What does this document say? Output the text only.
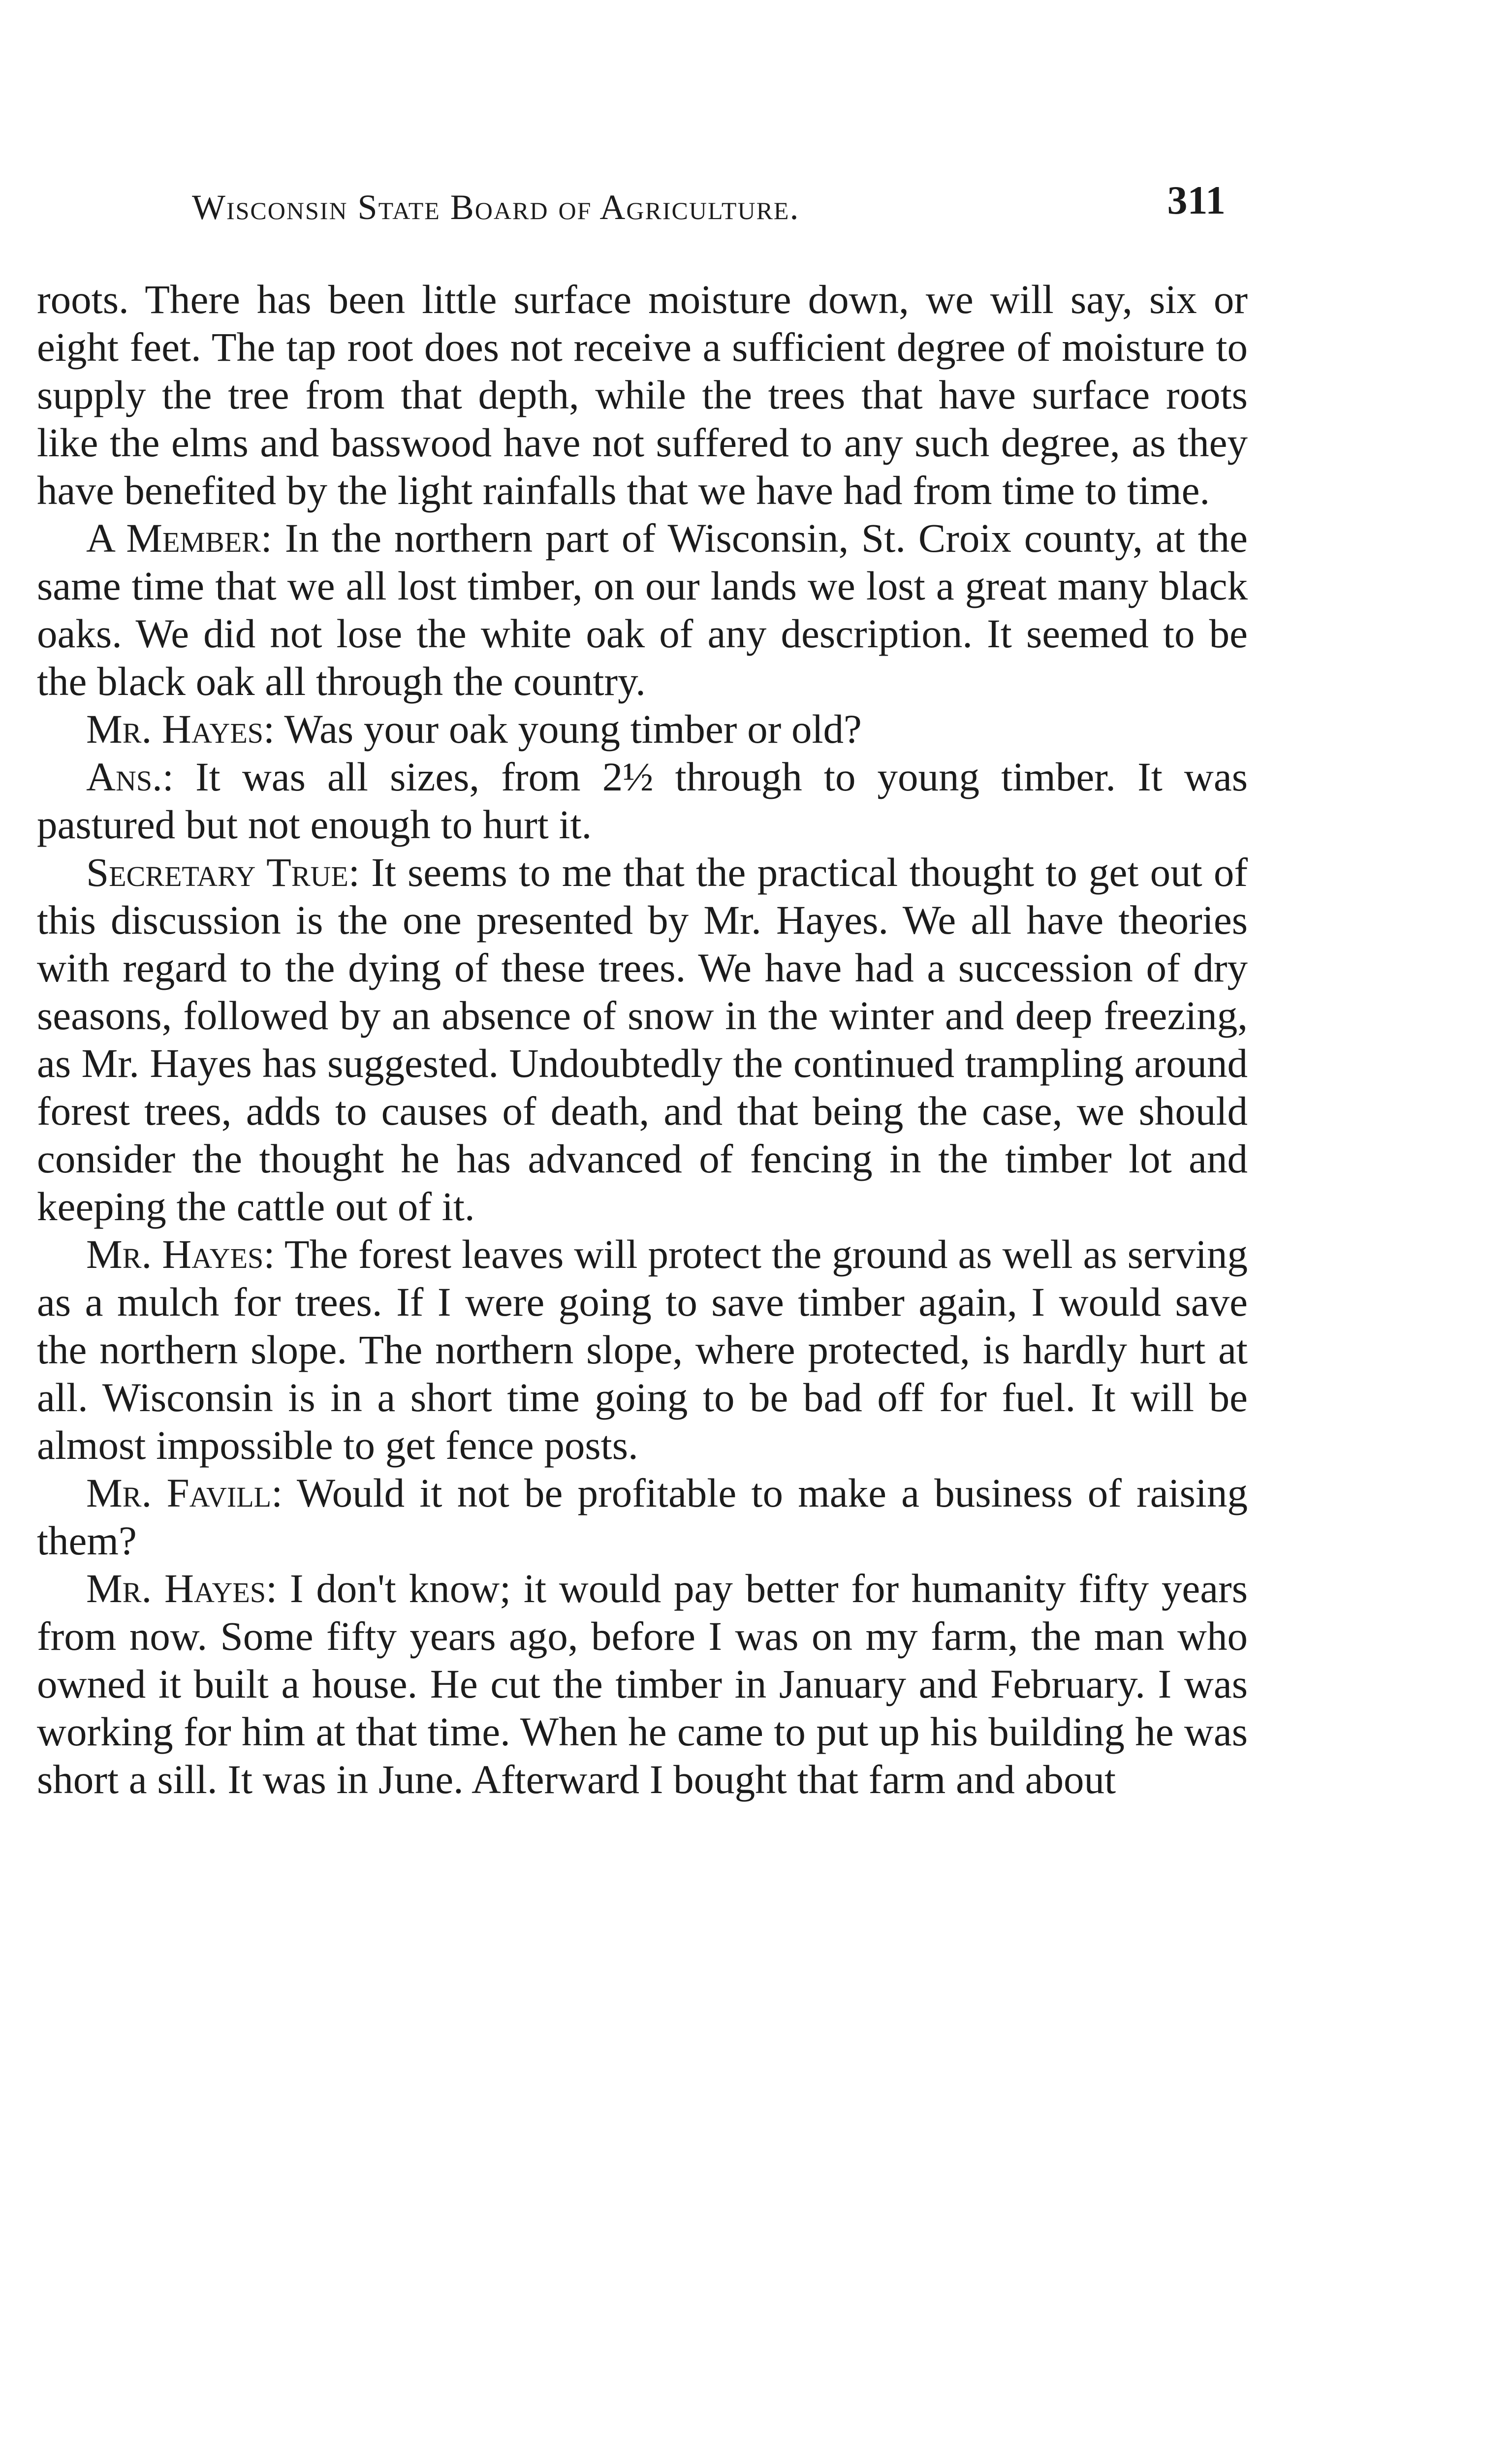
Wisconsin State Board of Agriculture.	311

roots. There has been little surface moisture down, we will say, six or eight feet. The tap root does not receive a sufficient degree of moisture to supply the tree from that depth, while the trees that have surface roots like the elms and basswood have not suffered to any such degree, as they have benefited by the light rainfalls that we have had from time to time.

A Member: In the northern part of Wisconsin, St. Croix county, at the same time that we all lost timber, on our lands we lost a great many black oaks. We did not lose the white oak of any description. It seemed to be the black oak all through the country.

Mr. Hayes: Was your oak young timber or old?

Ans.: It was all sizes, from 2½ through to young timber. It was pastured but not enough to hurt it.

Secretary True: It seems to me that the practical thought to get out of this discussion is the one presented by Mr. Hayes. We all have theories with regard to the dying of these trees. We have had a succession of dry seasons, followed by an absence of snow in the winter and deep freezing, as Mr. Hayes has suggested. Undoubtedly the continued trampling around forest trees, adds to causes of death, and that being the case, we should consider the thought he has advanced of fencing in the timber lot and keeping the cattle out of it.

Mr. Hayes: The forest leaves will protect the ground as well as serving as a mulch for trees. If I were going to save timber again, I would save the northern slope. The northern slope, where protected, is hardly hurt at all. Wisconsin is in a short time going to be bad off for fuel. It will be almost impossible to get fence posts.

Mr. Favill: Would it not be profitable to make a business of raising them?

Mr. Hayes: I don't know; it would pay better for humanity fifty years from now. Some fifty years ago, before I was on my farm, the man who owned it built a house. He cut the timber in January and February. I was working for him at that time. When he came to put up his building he was short a sill. It was in June. Afterward I bought that farm and about
